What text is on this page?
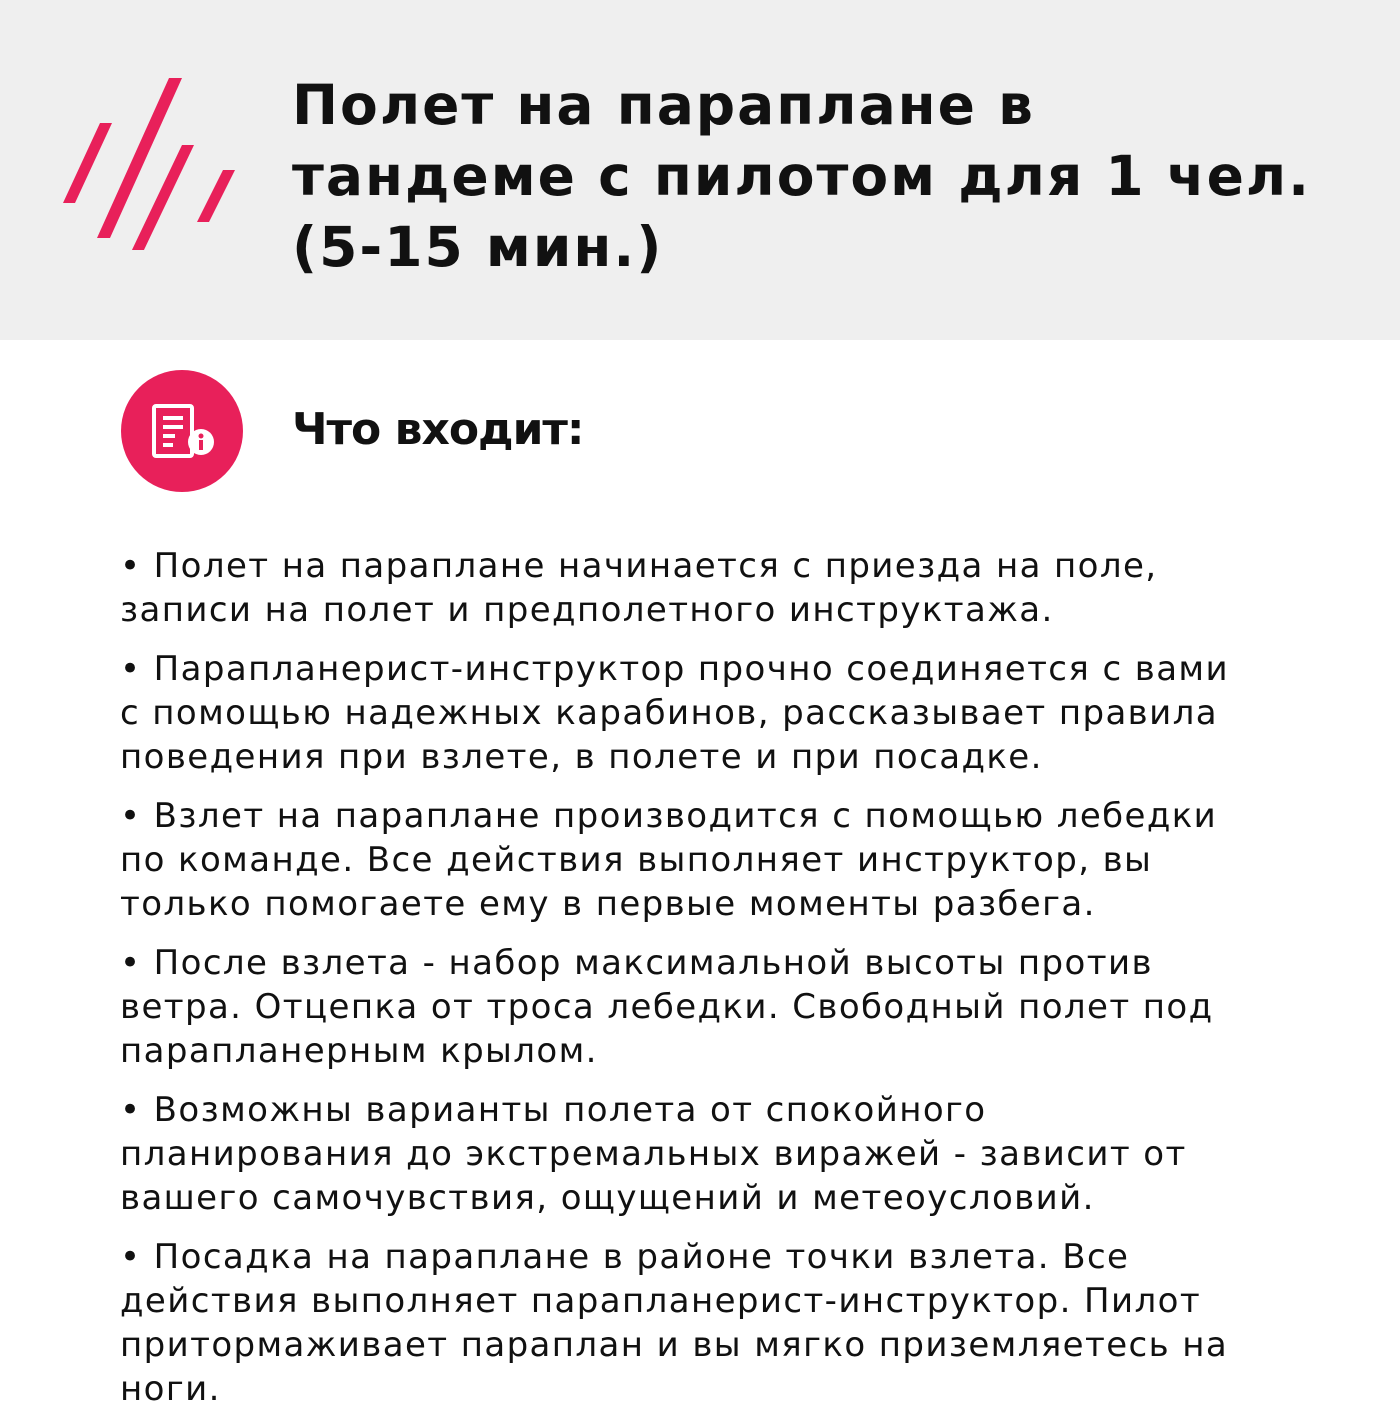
Полет на параплане в
тандеме с пилотом для 1 чел.
(5-15 мин.)
Что входит:
• Полет на параплане начинается с приезда на поле,
записи на полет и предполетного инструктажа.
• Парапланерист-инструктор прочно соединяется с вами
с помощью надежных карабинов, рассказывает правила
поведения при взлете, в полете и при посадке.
• Взлет на параплане производится с помощью лебедки
по команде. Все действия выполняет инструктор, вы
только помогаете ему в первые моменты разбега.
• После взлета - набор максимальной высоты против
ветра. Отцепка от троса лебедки. Свободный полет под
парапланерным крылом.
• Возможны варианты полета от спокойного
планирования до экстремальных виражей - зависит от
вашего самочувствия, ощущений и метеоусловий.
• Посадка на параплане в районе точки взлета. Все
действия выполняет парапланерист-инструктор. Пилот
притормаживает параплан и вы мягко приземляетесь на
ноги.
